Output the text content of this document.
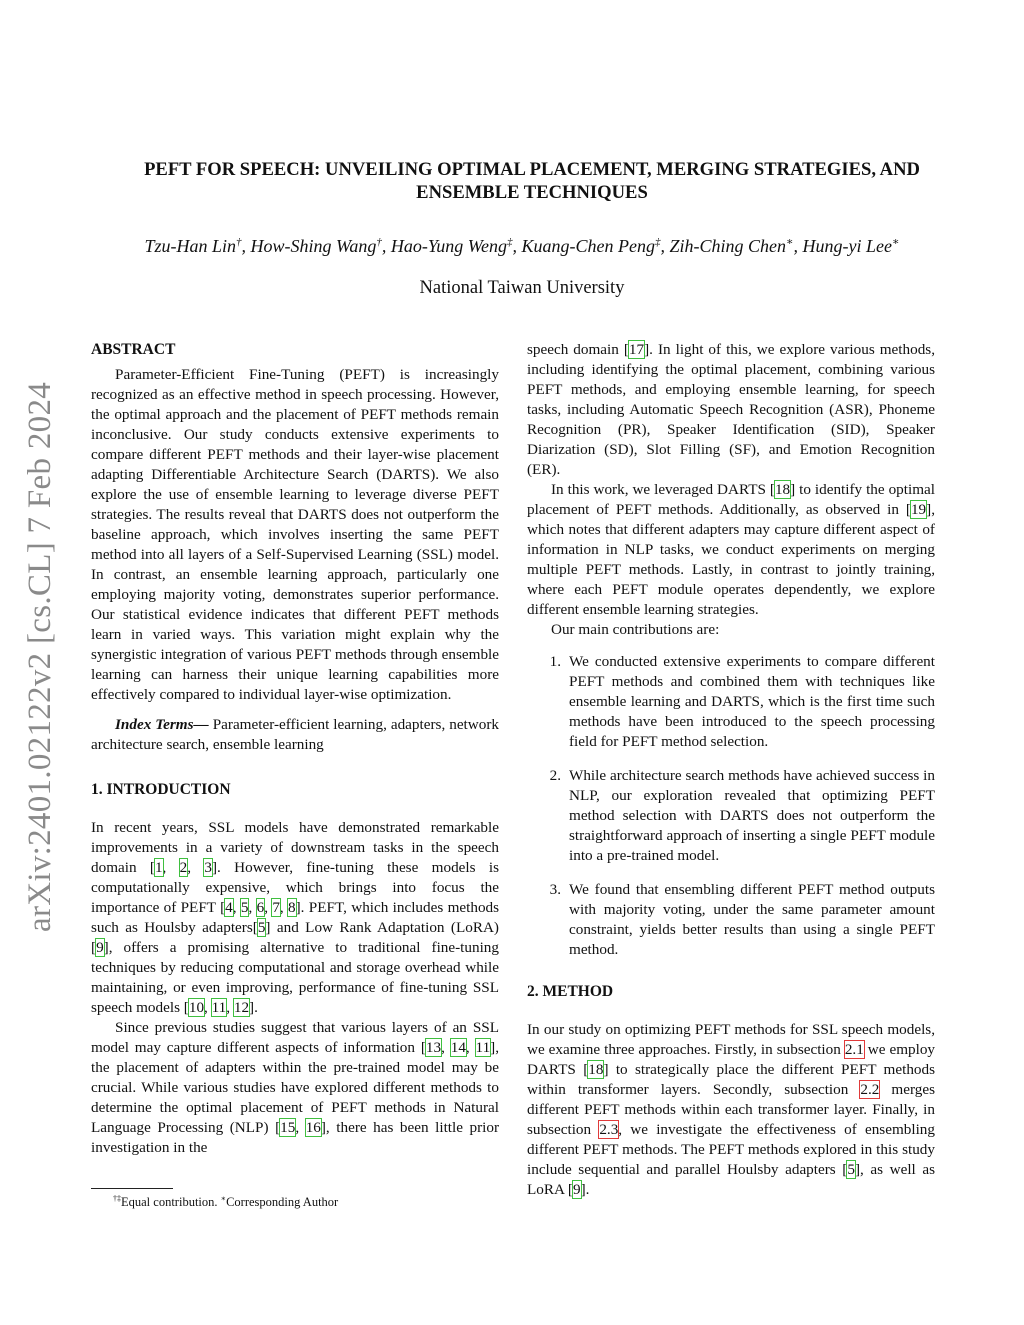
arXiv:2401.02122v2 [cs.CL] 7 Feb 2024
PEFT FOR SPEECH: UNVEILING OPTIMAL PLACEMENT, MERGING STRATEGIES, AND
ENSEMBLE TECHNIQUES
Tzu-Han Lin†, How-Shing Wang†, Hao-Yung Weng‡, Kuang-Chen Peng‡, Zih-Ching Chen∗, Hung-yi Lee∗
National Taiwan University

ABSTRACT

Parameter-Efficient Fine-Tuning (PEFT) is increasingly recognized as an effective method in speech processing. However, the optimal approach and the placement of PEFT methods remain inconclusive. Our study conducts extensive experiments to compare different PEFT methods and their layer-wise placement adapting Differentiable Architecture Search (DARTS). We also explore the use of ensemble learning to leverage diverse PEFT strategies. The results reveal that DARTS does not outperform the baseline approach, which involves inserting the same PEFT method into all layers of a Self-Supervised Learning (SSL) model. In contrast, an ensemble learning approach, particularly one employing majority voting, demonstrates superior performance. Our statistical evidence indicates that different PEFT methods learn in varied ways. This variation might explain why the synergistic integration of various PEFT methods through ensemble learning can harness their unique learning capabilities more effectively compared to individual layer-wise optimization.

Index Terms— Parameter-efficient learning, adapters, network architecture search, ensemble learning

1. INTRODUCTION

In recent years, SSL models have demonstrated remarkable improvements in a variety of downstream tasks in the speech domain [1, 2, 3]. However, fine-tuning these models is computationally expensive, which brings into focus the importance of PEFT [4, 5, 6, 7, 8]. PEFT, which includes methods such as Houlsby adapters[5] and Low Rank Adaptation (LoRA) [9], offers a promising alternative to traditional fine-tuning techniques by reducing computational and storage overhead while maintaining, or even improving, performance of fine-tuning SSL speech models [10, 11, 12].

Since previous studies suggest that various layers of an SSL model may capture different aspects of information [13, 14, 11], the placement of adapters within the pre-trained model may be crucial. While various studies have explored different methods to determine the optimal placement of PEFT methods in Natural Language Processing (NLP) [15, 16], there has been little prior investigation in the

†‡Equal contribution. ∗Corresponding Author

speech domain [17]. In light of this, we explore various methods, including identifying the optimal placement, combining various PEFT methods, and employing ensemble learning, for speech tasks, including Automatic Speech Recognition (ASR), Phoneme Recognition (PR), Speaker Identification (SID), Speaker Diarization (SD), Slot Filling (SF), and Emotion Recognition (ER).

In this work, we leveraged DARTS [18] to identify the optimal placement of PEFT methods. Additionally, as observed in [19], which notes that different adapters may capture different aspect of information in NLP tasks, we conduct experiments on merging multiple PEFT methods. Lastly, in contrast to jointly training, where each PEFT module operates dependently, we explore different ensemble learning strategies.

Our main contributions are:

1. We conducted extensive experiments to compare different PEFT methods and combined them with techniques like ensemble learning and DARTS, which is the first time such methods have been introduced to the speech processing field for PEFT method selection.
2. While architecture search methods have achieved success in NLP, our exploration revealed that optimizing PEFT method selection with DARTS does not outperform the straightforward approach of inserting a single PEFT module into a pre-trained model.
3. We found that ensembling different PEFT method outputs with majority voting, under the same parameter amount constraint, yields better results than using a single PEFT method.

2. METHOD

In our study on optimizing PEFT methods for SSL speech models, we examine three approaches. Firstly, in subsection 2.1 we employ DARTS [18] to strategically place the different PEFT methods within transformer layers. Secondly, subsection 2.2 merges different PEFT methods within each transformer layer. Finally, in subsection 2.3, we investigate the effectiveness of ensembling different PEFT methods. The PEFT methods explored in this study include sequential and parallel Houlsby adapters [5], as well as LoRA [9].
